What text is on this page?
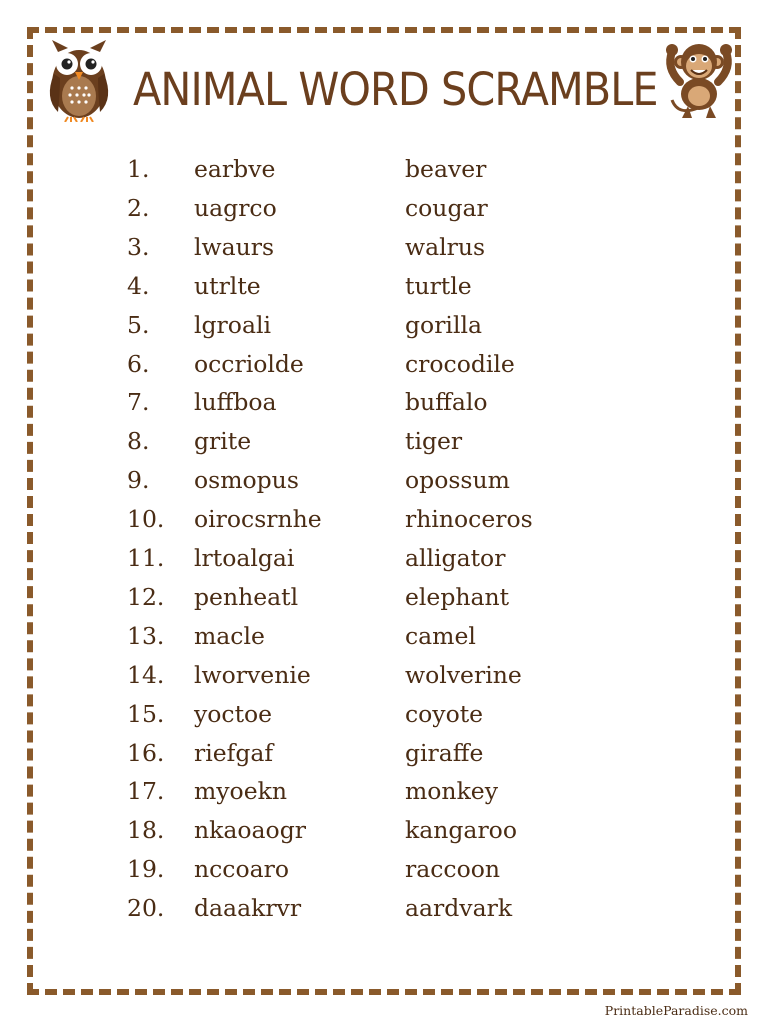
ANIMAL WORD SCRAMBLE
1. earbve	beaver
2. uagrco	cougar
3. lwaurs	walrus
4. utrlte	turtle
5. lgroali	gorilla
6. occriolde	crocodile
7. luffboa	buffalo
8. grite	tiger
9. osmopus	opossum
10. oirocsrnhe	rhinoceros
11. lrtoalgai	alligator
12. penheatl	elephant
13. macle	camel
14. lworvenie	wolverine
15. yoctoe	coyote
16. riefgaf	giraffe
17. myoekn	monkey
18. nkaoaogr	kangaroo
19. nccoaro	raccoon
20. daaakrvr	aardvark
PrintableParadise.com
